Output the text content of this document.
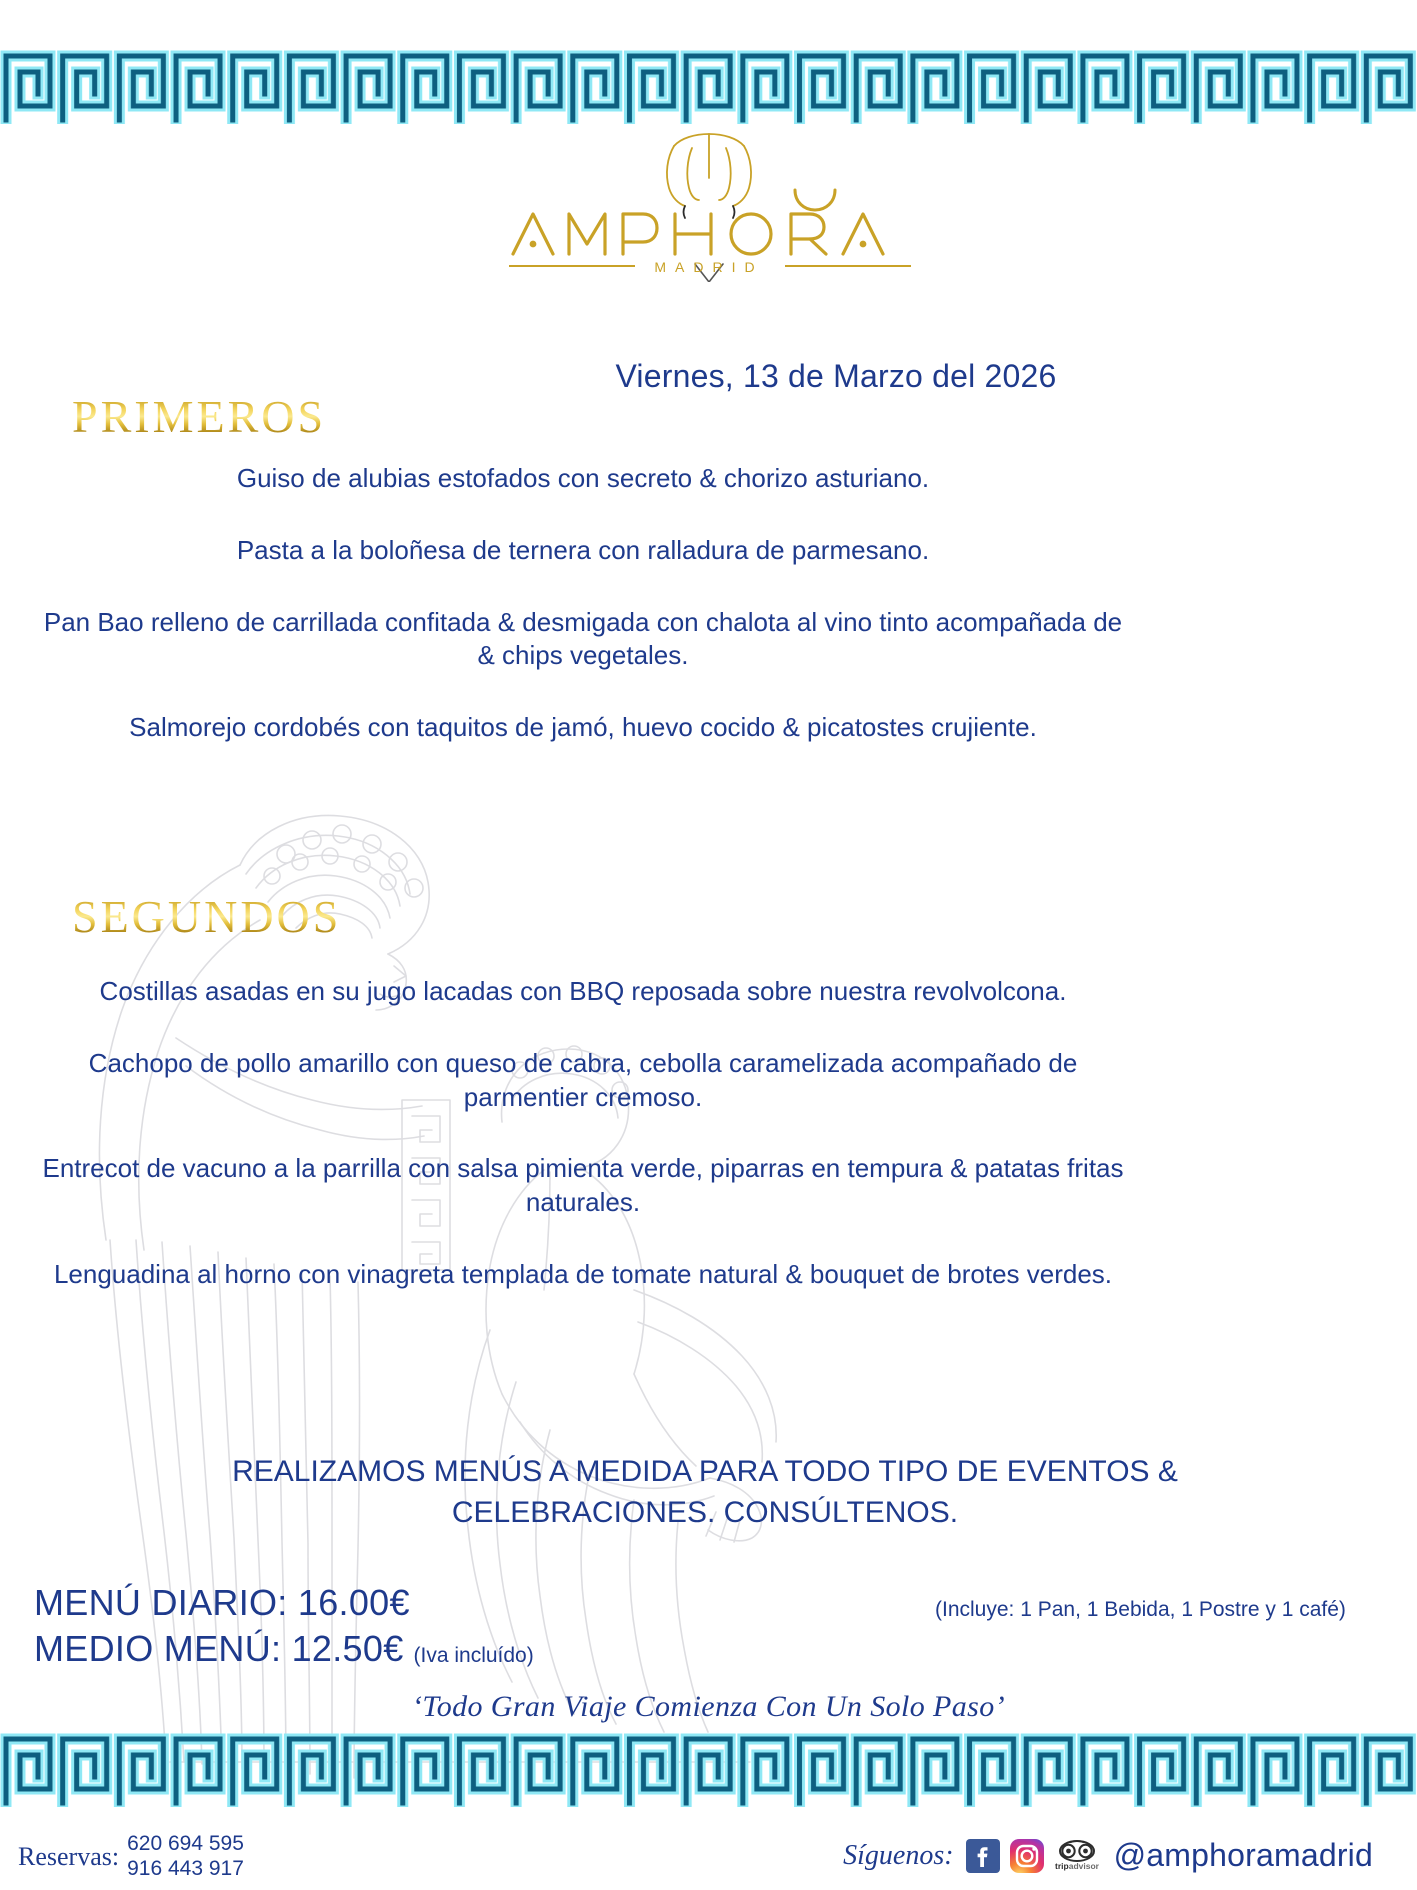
MADRID
Viernes, 13 de Marzo del 2026
PRIMEROS
Guiso de alubias estofados con secreto & chorizo asturiano.
Pasta a la boloñesa de ternera con ralladura de parmesano.
Pan Bao relleno de carrillada confitada & desmigada con chalota al vino tinto acompañada de & chips vegetales.
Salmorejo cordobés con taquitos de jamó, huevo cocido & picatostes crujiente.
SEGUNDOS
Costillas asadas en su jugo lacadas con BBQ reposada sobre nuestra revolvolcona.
Cachopo de pollo amarillo con queso de cabra, cebolla caramelizada acompañado de parmentier cremoso.
Entrecot de vacuno a la parrilla con salsa pimienta verde, piparras en tempura & patatas fritas naturales.
Lenguadina al horno con vinagreta templada de tomate natural & bouquet de brotes verdes.
REALIZAMOS MENÚS A MEDIDA PARA TODO TIPO DE EVENTOS & CELEBRACIONES. CONSÚLTENOS.
MENÚ DIARIO: 16.00€
MEDIO MENÚ: 12.50€ (Iva incluído)
(Incluye: 1 Pan, 1 Bebida, 1 Postre y 1 café)
‘Todo Gran Viaje Comienza Con Un Solo Paso’
Reservas: 620 694 595
916 443 917	Síguenos:	tripadvisor @amphoramadrid
